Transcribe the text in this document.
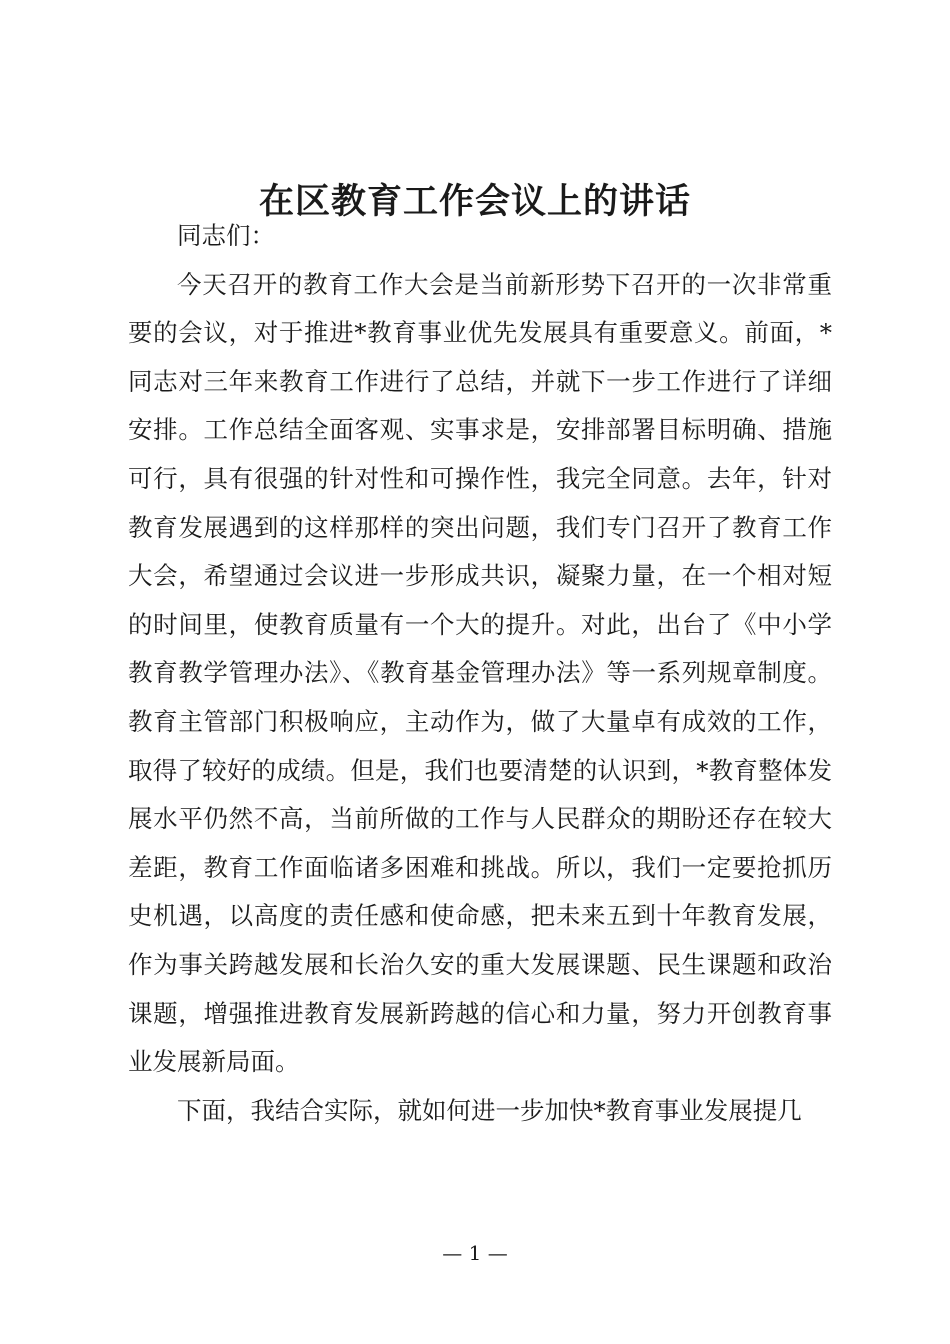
在区教育工作会议上的讲话

同志们：

今天召开的教育工作大会是当前新形势下召开的一次非常重要的会议，对于推进*教育事业优先发展具有重要意义。前面，*同志对三年来教育工作进行了总结，并就下一步工作进行了详细安排。工作总结全面客观、实事求是，安排部署目标明确、措施可行，具有很强的针对性和可操作性，我完全同意。去年，针对教育发展遇到的这样那样的突出问题，我们专门召开了教育工作大会，希望通过会议进一步形成共识，凝聚力量，在一个相对短的时间里，使教育质量有一个大的提升。对此，出台了《中小学教育教学管理办法》、《教育基金管理办法》等一系列规章制度。教育主管部门积极响应，主动作为，做了大量卓有成效的工作，取得了较好的成绩。但是，我们也要清楚的认识到，*教育整体发展水平仍然不高，当前所做的工作与人民群众的期盼还存在较大差距，教育工作面临诸多困难和挑战。所以，我们一定要抢抓历史机遇，以高度的责任感和使命感，把未来五到十年教育发展，作为事关跨越发展和长治久安的重大发展课题、民生课题和政治课题，增强推进教育发展新跨越的信心和力量，努力开创教育事业发展新局面。

下面，我结合实际，就如何进一步加快*教育事业发展提几

— 1 —
